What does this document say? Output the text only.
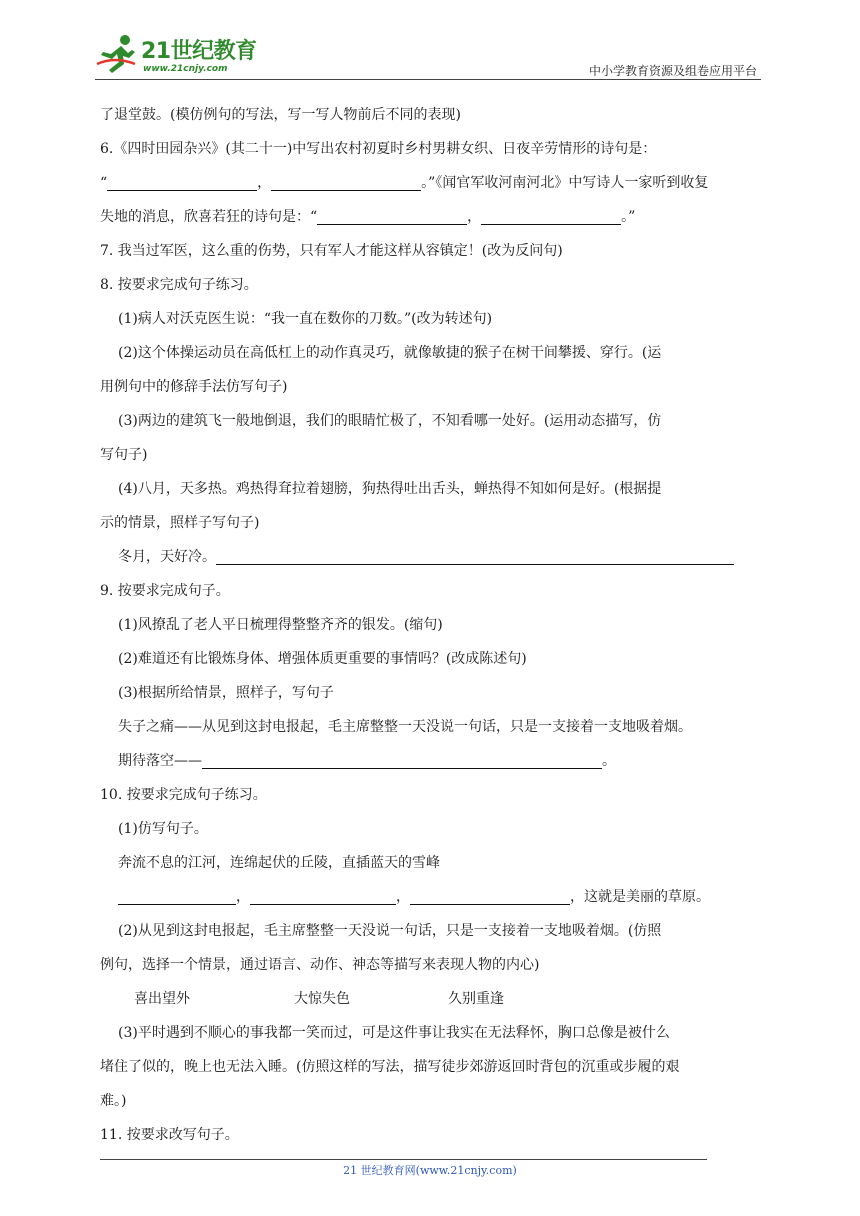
21世纪教育
www.21cnjy.com	中小学教育资源及组卷应用平台

了退堂鼓。(模仿例句的写法，写一写人物前后不同的表现)

6.《四时田园杂兴》(其二十一)中写出农村初夏时乡村男耕女织、日夜辛劳情形的诗句是：

“	，	。”《闻官军收河南河北》中写诗人一家听到收复

失地的消息，欣喜若狂的诗句是：“	，	。”

7. 我当过军医，这么重的伤势，只有军人才能这样从容镇定！(改为反问句)

8. 按要求完成句子练习。

(1)病人对沃克医生说：“我一直在数你的刀数。”(改为转述句)

(2)这个体操运动员在高低杠上的动作真灵巧，就像敏捷的猴子在树干间攀援、穿行。(运

用例句中的修辞手法仿写句子)

(3)两边的建筑飞一般地倒退，我们的眼睛忙极了，不知看哪一处好。(运用动态描写，仿

写句子)

(4)八月，天多热。鸡热得耷拉着翅膀，狗热得吐出舌头，蝉热得不知如何是好。(根据提

示的情景，照样子写句子)

冬月，天好冷。

9. 按要求完成句子。

(1)风撩乱了老人平日梳理得整整齐齐的银发。(缩句)

(2)难道还有比锻炼身体、增强体质更重要的事情吗？(改成陈述句)

(3)根据所给情景，照样子，写句子

失子之痛——从见到这封电报起，毛主席整整一天没说一句话，只是一支接着一支地吸着烟。

期待落空——	。

10. 按要求完成句子练习。

(1)仿写句子。

奔流不息的江河，连绵起伏的丘陵，直插蓝天的雪峰

，	，	，这就是美丽的草原。

(2)从见到这封电报起，毛主席整整一天没说一句话，只是一支接着一支地吸着烟。(仿照

例句，选择一个情景，通过语言、动作、神态等描写来表现人物的内心)

喜出望外	大惊失色	久别重逢

(3)平时遇到不顺心的事我都一笑而过，可是这件事让我实在无法释怀，胸口总像是被什么

堵住了似的，晚上也无法入睡。(仿照这样的写法，描写徒步郊游返回时背包的沉重或步履的艰

难。)

11. 按要求改写句子。

21 世纪教育网(www.21cnjy.com)
